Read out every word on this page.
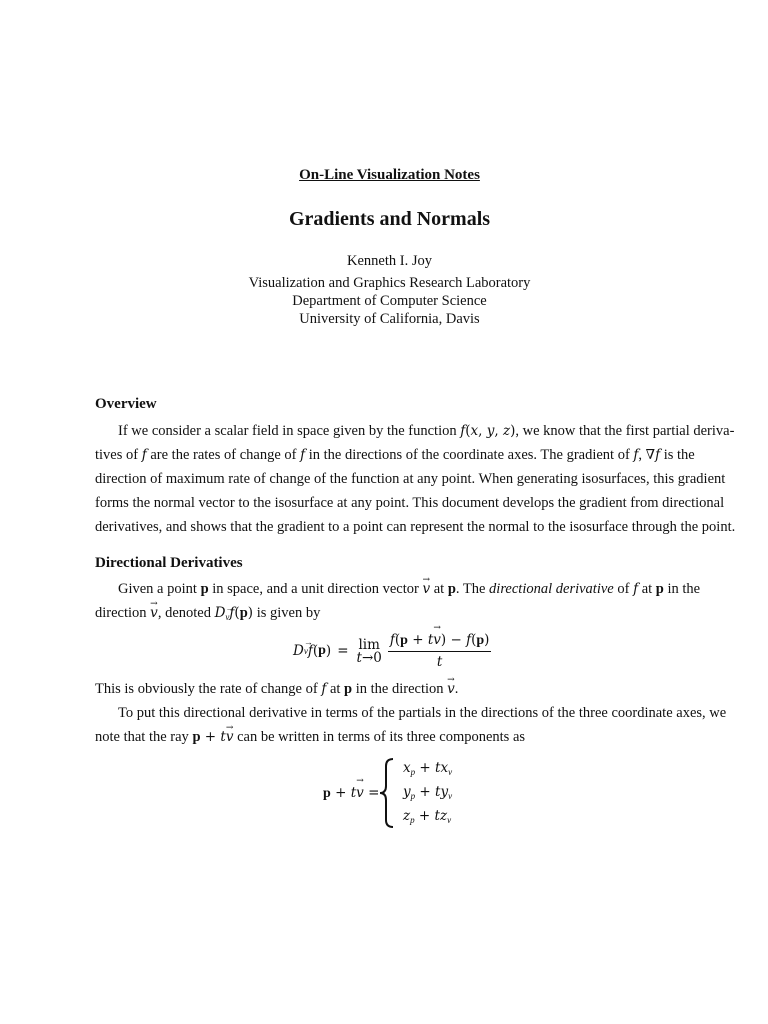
On-Line Visualization Notes
Gradients and Normals
Kenneth I. Joy
Visualization and Graphics Research Laboratory
Department of Computer Science
University of California, Davis
Overview
If we consider a scalar field in space given by the function f(x, y, z), we know that the first partial deriva-
tives of f are the rates of change of f in the directions of the coordinate axes. The gradient of f, ∇f is the
direction of maximum rate of change of the function at any point. When generating isosurfaces, this gradient
forms the normal vector to the isosurface at any point. This document develops the gradient from directional
derivatives, and shows that the gradient to a point can represent the normal to the isosurface through the point.
Directional Derivatives
Given a point p in space, and a unit direction vector v → at p. The directional derivative of f at p in the
direction v →, denoted $D_v \to f(p)$ is given by
D v → f ( p ) = lim
$t\to 0 \frac{f(p + tv \to) - f(p)}{t}$
This is obviously the rate of change of f at p in the direction v →.
To put this directional derivative in terms of the partials in the directions of the three coordinate axes, we
note that the ray p + tv → can be written in terms of its three components as
p + tv → =
$x_p + tx_v$
$y_p + ty_v$
$z_p + tz_v$
